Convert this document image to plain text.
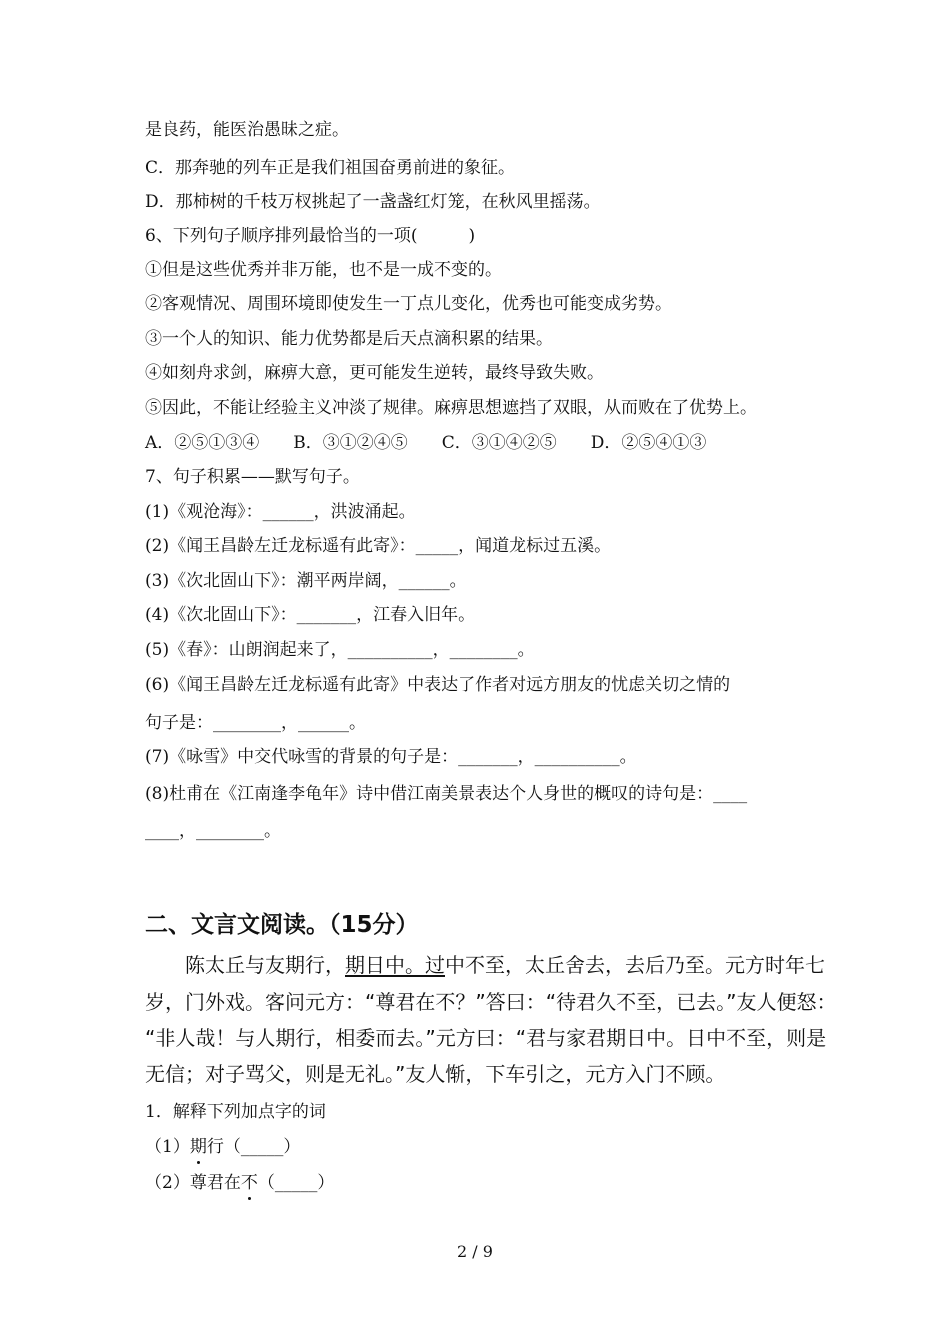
是良药，能医治愚昧之症。
C．那奔驰的列车正是我们祖国奋勇前进的象征。
D．那柿树的千枝万杈挑起了一盏盏红灯笼，在秋风里摇荡。
6、下列句子顺序排列最恰当的一项(　　　)
①但是这些优秀并非万能，也不是一成不变的。
②客观情况、周围环境即使发生一丁点儿变化，优秀也可能变成劣势。
③一个人的知识、能力优势都是后天点滴积累的结果。
④如刻舟求剑，麻痹大意，更可能发生逆转，最终导致失败。
⑤因此，不能让经验主义冲淡了规律。麻痹思想遮挡了双眼，从而败在了优势上。
A．②⑤①③④　　B．③①②④⑤　　C．③①④②⑤　　D．②⑤④①③
7、句子积累——默写句子。
(1)《观沧海》：______，洪波涌起。
(2)《闻王昌龄左迁龙标遥有此寄》：_____，闻道龙标过五溪。
(3)《次北固山下》：潮平两岸阔，______。
(4)《次北固山下》：_______，江春入旧年。
(5)《春》：山朗润起来了，__________，________。
(6)《闻王昌龄左迁龙标遥有此寄》中表达了作者对远方朋友的忧虑关切之情的
句子是：________，______。
(7)《咏雪》中交代咏雪的背景的句子是：_______，__________。
(8)杜甫在《江南逢李龟年》诗中借江南美景表达个人身世的概叹的诗句是：____
____，________。
二、文言文阅读。（15分）
　　陈太丘与友期行，期日中。过中不至，太丘舍去，去后乃至。元方时年七
岁，门外戏。客问元方：“尊君在不？”答曰：“待君久不至，已去。”友人便怒：
“非人哉！与人期行，相委而去。”元方曰：“君与家君期日中。日中不至，则是
无信；对子骂父，则是无礼。”友人惭，下车引之，元方入门不顾。
1．解释下列加点字的词
（1）期行（_____）
（2）尊君在不（_____）
2 / 9
